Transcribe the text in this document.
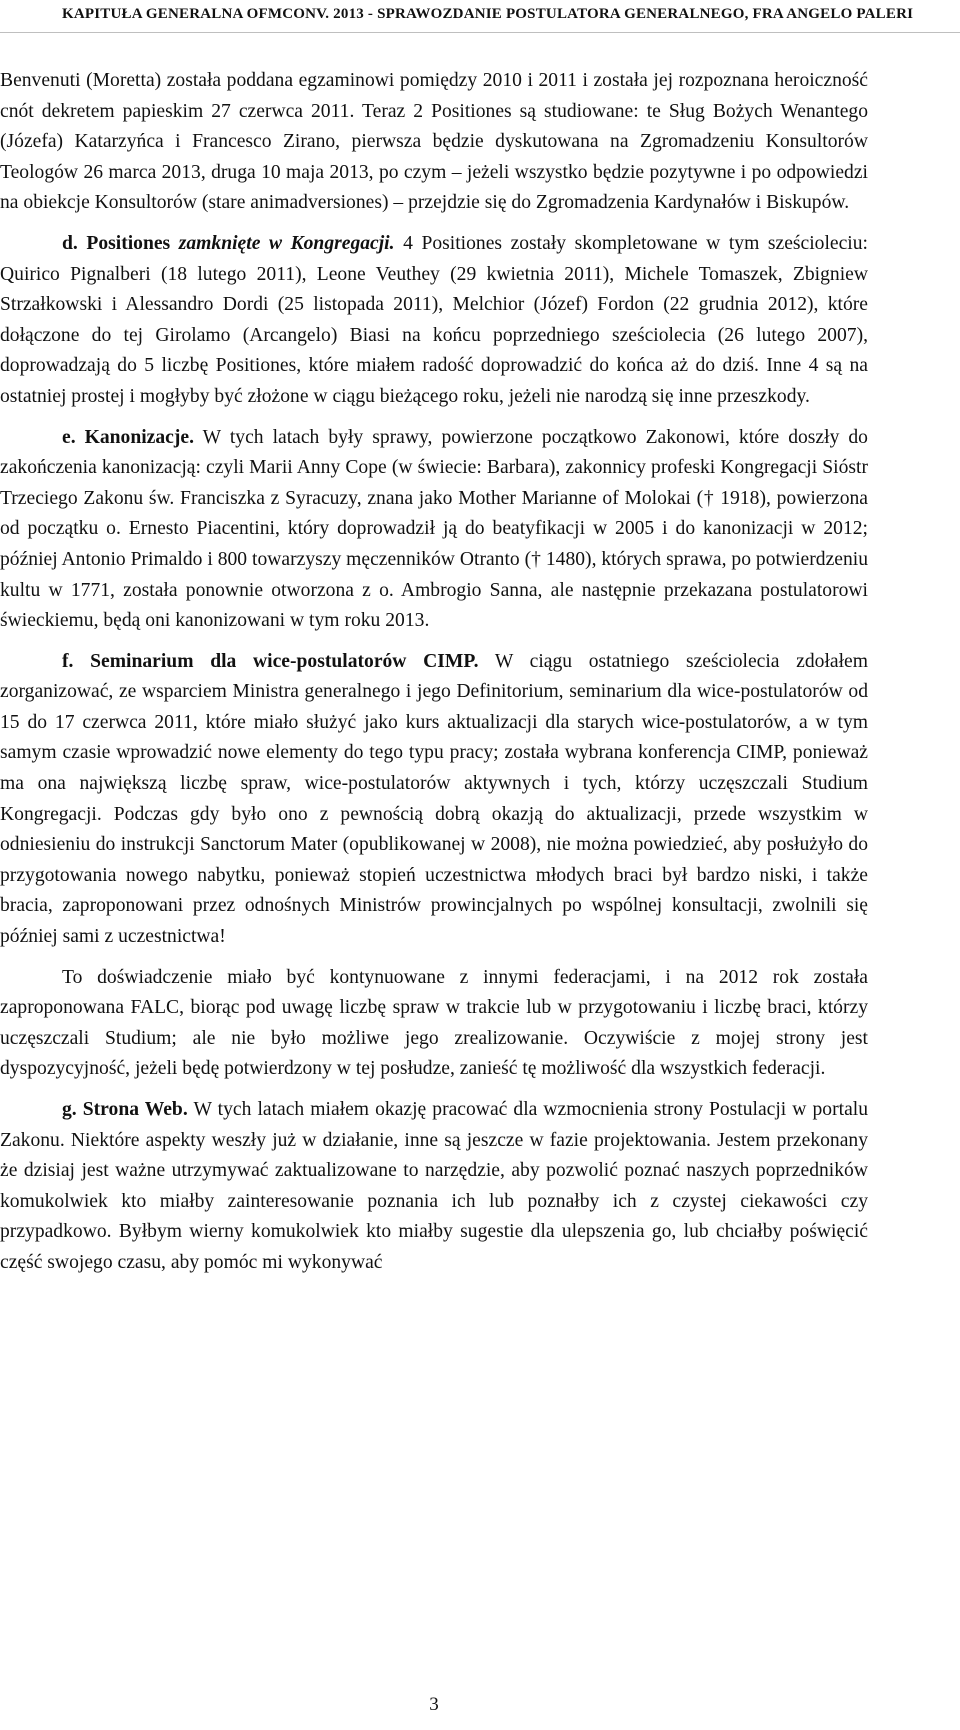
KAPITUŁA GENERALNA OFMCONV. 2013 - SPRAWOZDANIE POSTULATORA GENERALNEGO, FRA ANGELO PALERI

Benvenuti (Moretta) została poddana egzaminowi pomiędzy 2010 i 2011 i została jej rozpoznana heroiczność cnót dekretem papieskim 27 czerwca 2011. Teraz 2 Positiones są studiowane: te Sług Bożych Wenantego (Józefa) Katarzyńca i Francesco Zirano, pierwsza będzie dyskutowana na Zgromadzeniu Konsultorów Teologów 26 marca 2013, druga 10 maja 2013, po czym – jeżeli wszystko będzie pozytywne i po odpowiedzi na obiekcje Konsultorów (stare animadversiones) – przejdzie się do Zgromadzenia Kardynałów i Biskupów.

d. Positiones zamknięte w Kongregacji. 4 Positiones zostały skompletowane w tym sześcioleciu: Quirico Pignalberi (18 lutego 2011), Leone Veuthey (29 kwietnia 2011), Michele Tomaszek, Zbigniew Strzałkowski i Alessandro Dordi (25 listopada 2011), Melchior (Józef) Fordon (22 grudnia 2012), które dołączone do tej Girolamo (Arcangelo) Biasi na końcu poprzedniego sześciolecia (26 lutego 2007), doprowadzają do 5 liczbę Positiones, które miałem radość doprowadzić do końca aż do dziś. Inne 4 są na ostatniej prostej i mogłyby być złożone w ciągu bieżącego roku, jeżeli nie narodzą się inne przeszkody.

e. Kanonizacje. W tych latach były sprawy, powierzone początkowo Zakonowi, które doszły do zakończenia kanonizacją: czyli Marii Anny Cope (w świecie: Barbara), zakonnicy profeski Kongregacji Sióstr Trzeciego Zakonu św. Franciszka z Syracuzy, znana jako Mother Marianne of Molokai († 1918), powierzona od początku o. Ernesto Piacentini, który doprowadził ją do beatyfikacji w 2005 i do kanonizacji w 2012; później Antonio Primaldo i 800 towarzyszy męczenników Otranto († 1480), których sprawa, po potwierdzeniu kultu w 1771, została ponownie otworzona z o. Ambrogio Sanna, ale następnie przekazana postulatorowi świeckiemu, będą oni kanonizowani w tym roku 2013.

f. Seminarium dla wice-postulatorów CIMP. W ciągu ostatniego sześciolecia zdołałem zorganizować, ze wsparciem Ministra generalnego i jego Definitorium, seminarium dla wice-postulatorów od 15 do 17 czerwca 2011, które miało służyć jako kurs aktualizacji dla starych wice-postulatorów, a w tym samym czasie wprowadzić nowe elementy do tego typu pracy; została wybrana konferencja CIMP, ponieważ ma ona największą liczbę spraw, wice-postulatorów aktywnych i tych, którzy uczęszczali Studium Kongregacji. Podczas gdy było ono z pewnością dobrą okazją do aktualizacji, przede wszystkim w odniesieniu do instrukcji Sanctorum Mater (opublikowanej w 2008), nie można powiedzieć, aby posłużyło do przygotowania nowego nabytku, ponieważ stopień uczestnictwa młodych braci był bardzo niski, i także bracia, zaproponowani przez odnośnych Ministrów prowincjalnych po wspólnej konsultacji, zwolnili się później sami z uczestnictwa!

To doświadczenie miało być kontynuowane z innymi federacjami, i na 2012 rok została zaproponowana FALC, biorąc pod uwagę liczbę spraw w trakcie lub w przygotowaniu i liczbę braci, którzy uczęszczali Studium; ale nie było możliwe jego zrealizowanie. Oczywiście z mojej strony jest dyspozycyjność, jeżeli będę potwierdzony w tej posłudze, zanieść tę możliwość dla wszystkich federacji.

g. Strona Web. W tych latach miałem okazję pracować dla wzmocnienia strony Postulacji w portalu Zakonu. Niektóre aspekty weszły już w działanie, inne są jeszcze w fazie projektowania. Jestem przekonany że dzisiaj jest ważne utrzymywać zaktualizowane to narzędzie, aby pozwolić poznać naszych poprzedników komukolwiek kto miałby zainteresowanie poznania ich lub poznałby ich z czystej ciekawości czy przypadkowo. Byłbym wierny komukolwiek kto miałby sugestie dla ulepszenia go, lub chciałby poświęcić część swojego czasu, aby pomóc mi wykonywać

3
